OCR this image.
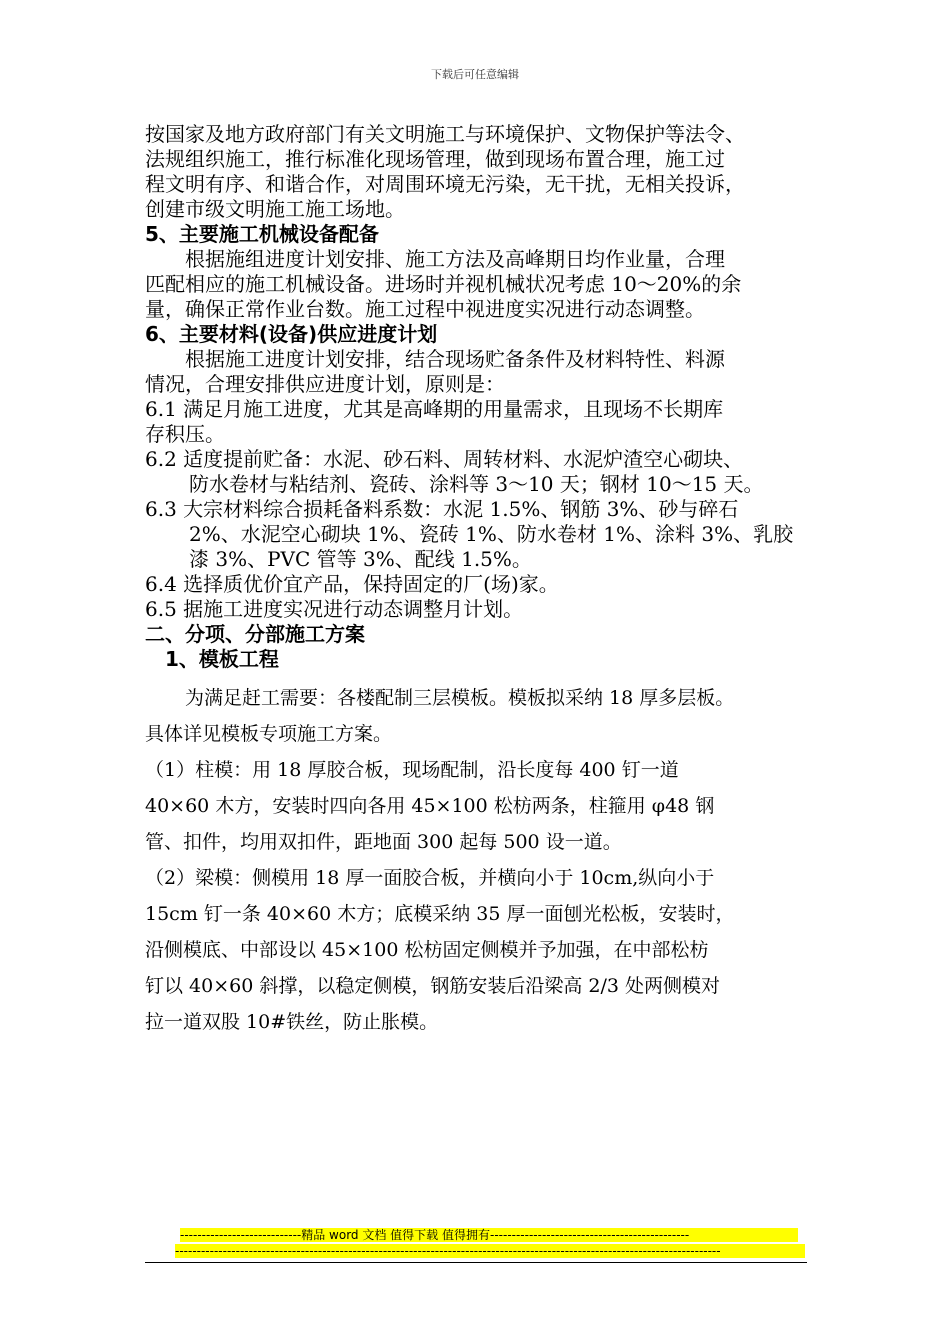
下载后可任意编辑

按国家及地方政府部门有关文明施工与环境保护、文物保护等法令、

法规组织施工，推行标准化现场管理，做到现场布置合理，施工过

程文明有序、和谐合作，对周围环境无污染，无干扰，无相关投诉，

创建市级文明施工施工场地。

5、主要施工机械设备配备

根据施组进度计划安排、施工方法及高峰期日均作业量，合理

匹配相应的施工机械设备。进场时并视机械状况考虑 10～20%的余

量，确保正常作业台数。施工过程中视进度实况进行动态调整。

6、主要材料(设备)供应进度计划

根据施工进度计划安排，结合现场贮备条件及材料特性、料源

情况，合理安排供应进度计划，原则是：

6.1 满足月施工进度，尤其是高峰期的用量需求，且现场不长期库

存积压。

6.2 适度提前贮备：水泥、砂石料、周转材料、水泥炉渣空心砌块、

防水卷材与粘结剂、瓷砖、涂料等 3～10 天；钢材 10～15 天。

6.3 大宗材料综合损耗备料系数：水泥 1.5%、钢筋 3%、砂与碎石

2%、水泥空心砌块 1%、瓷砖 1%、防水卷材 1%、涂料 3%、乳胶

漆 3%、PVC 管等 3%、配线 1.5%。

6.4 选择质优价宜产品，保持固定的厂(场)家。

6.5 据施工进度实况进行动态调整月计划。

二、分项、分部施工方案

1、模板工程

为满足赶工需要：各楼配制三层模板。模板拟采纳 18 厚多层板。

具体详见模板专项施工方案。

（1）柱模：用 18 厚胶合板，现场配制，沿长度每 400 钉一道

40×60 木方，安装时四向各用 45×100 松枋两条，柱箍用 φ48 钢

管、扣件，均用双扣件，距地面 300 起每 500 设一道。

（2）梁模：侧模用 18 厚一面胶合板，并横向小于 10cm,纵向小于

15cm 钉一条 40×60 木方；底模采纳 35 厚一面刨光松板，安装时，

沿侧模底、中部设以 45×100 松枋固定侧模并予加强，在中部松枋

钉以 40×60 斜撑，以稳定侧模，钢筋安装后沿梁高 2/3 处两侧模对

拉一道双股 10#铁丝，防止胀模。

----------------------------精品 word 文档 值得下载 值得拥有----------------------------------------------
------------------------------------------------------------------------------------------------------------------------------
